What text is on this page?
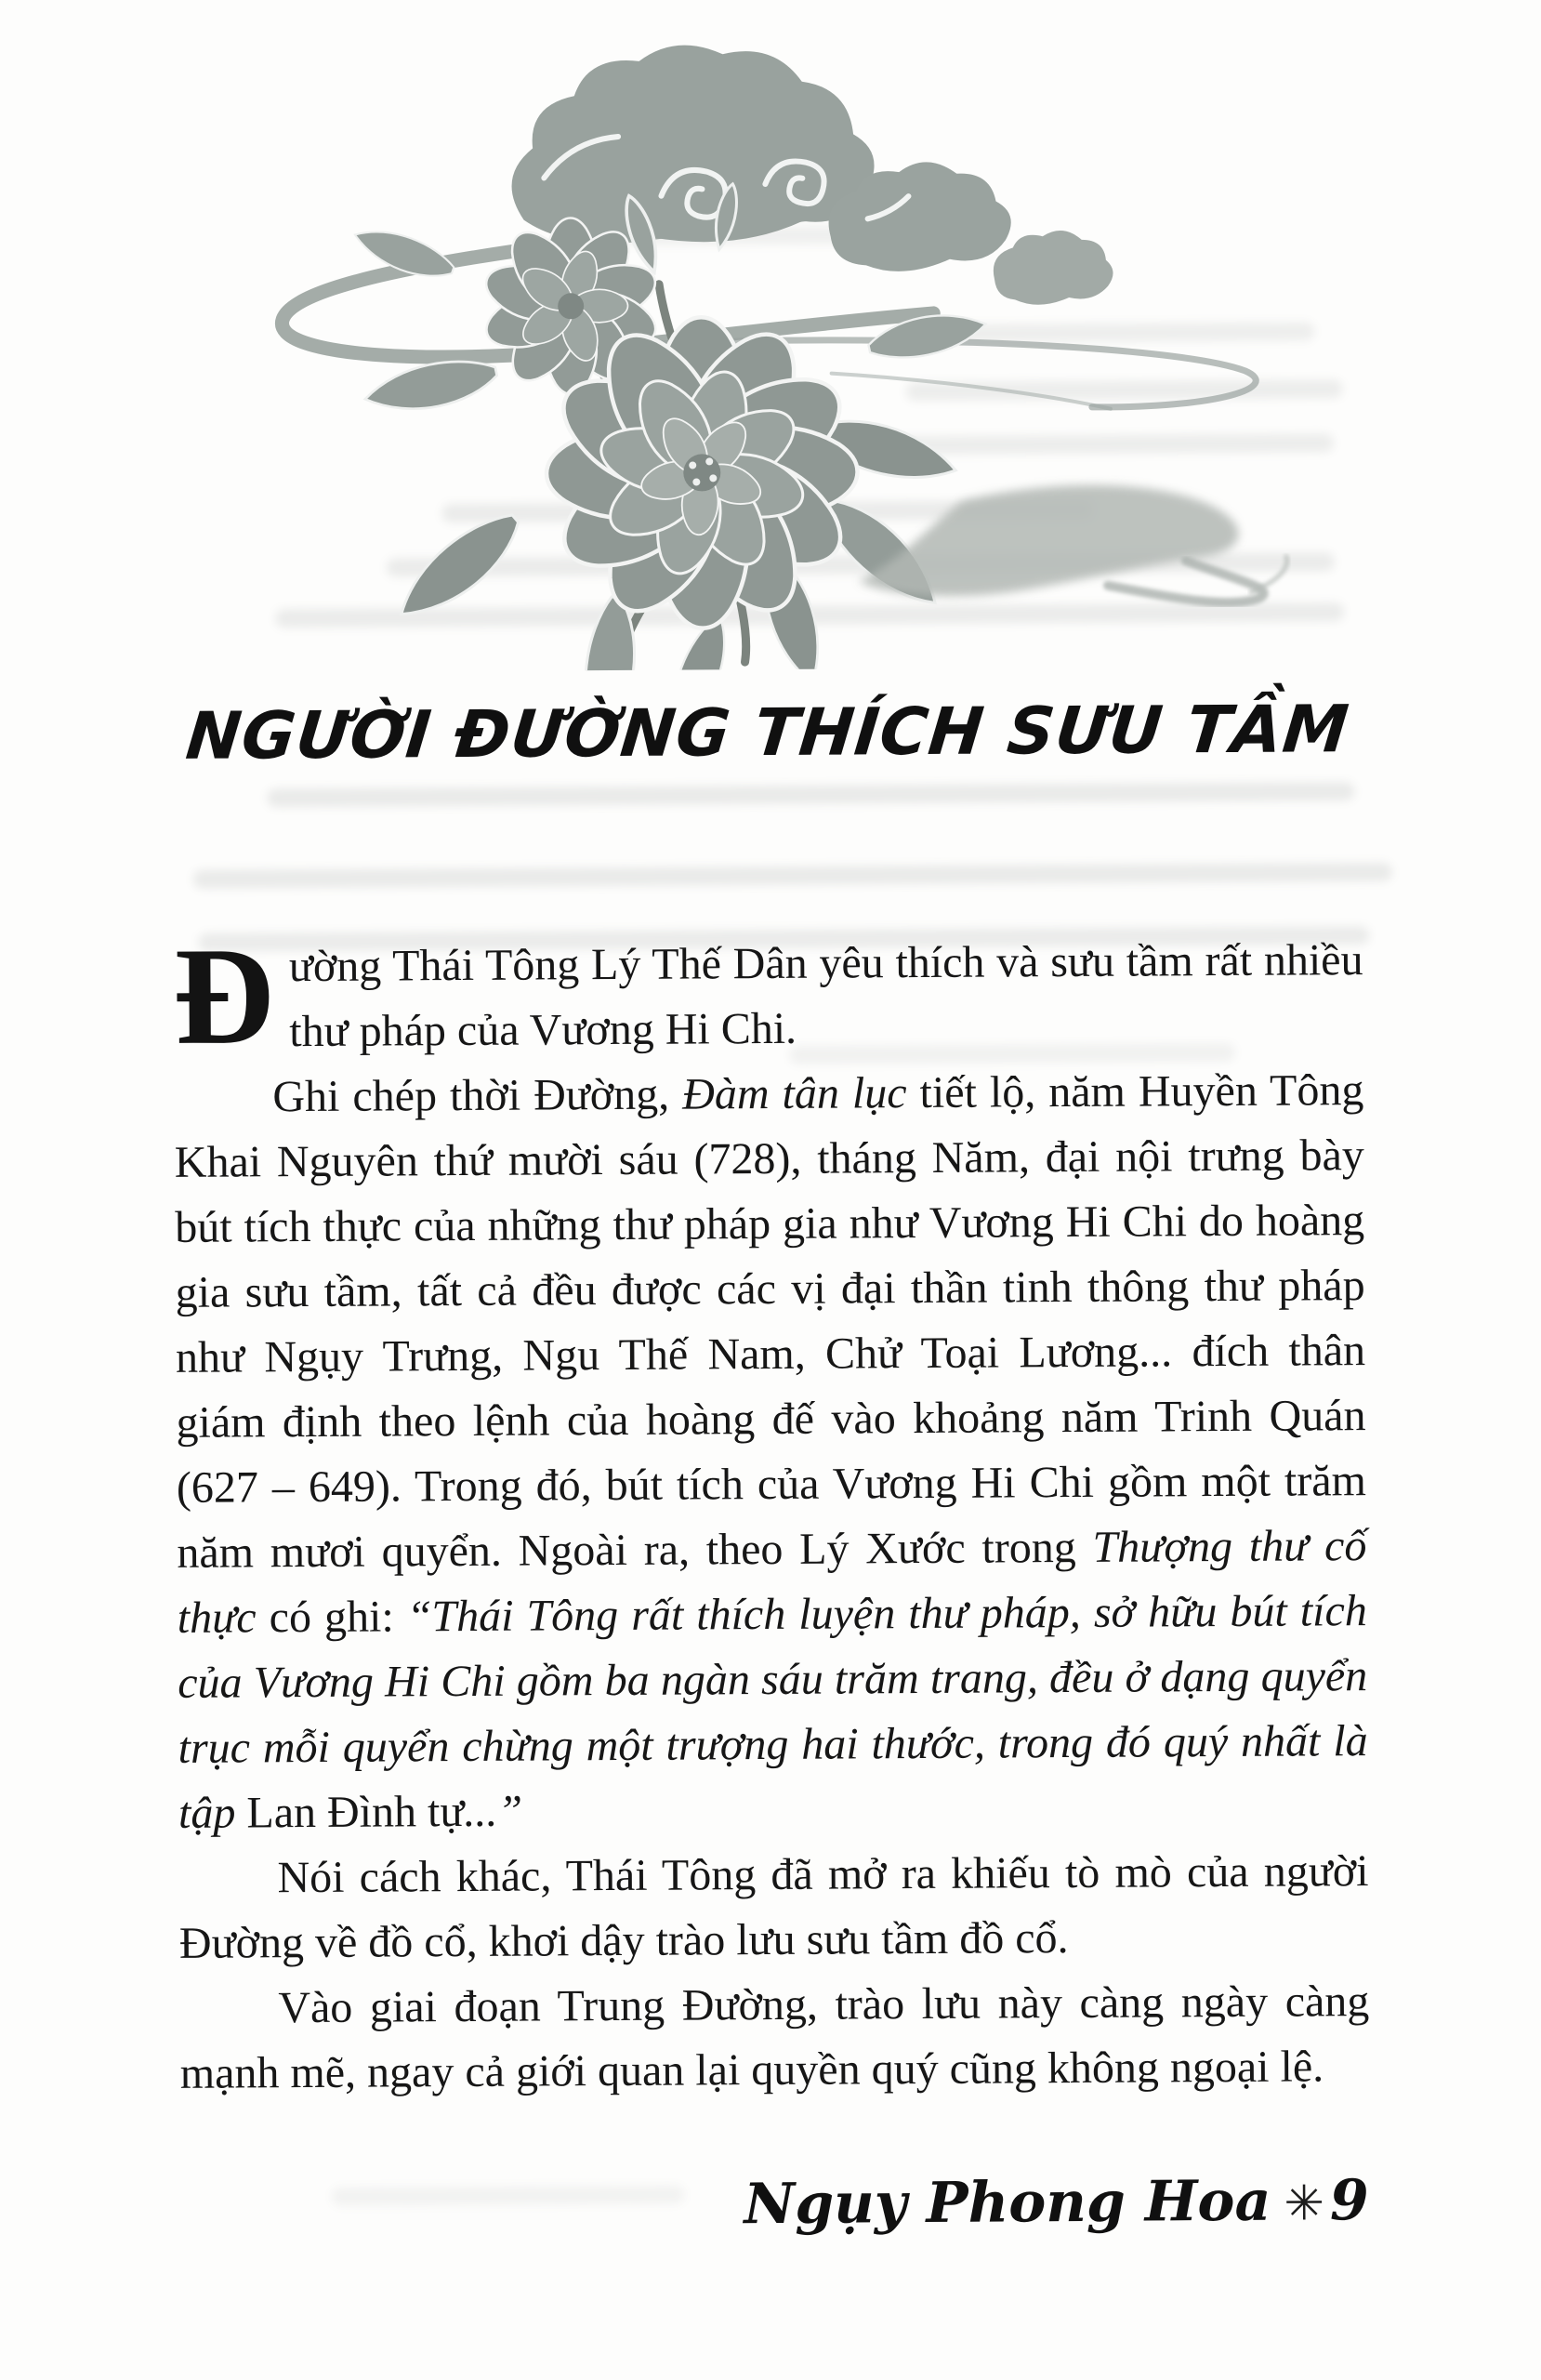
NGƯỜI ĐƯỜNG THÍCH SƯU TẦM

Đường Thái Tông Lý Thế Dân yêu thích và sưu tầm rất nhiều thư pháp của Vương Hi Chi.

Ghi chép thời Đường, Đàm tân lục tiết lộ, năm Huyền Tông Khai Nguyên thứ mười sáu (728), tháng Năm, đại nội trưng bày bút tích thực của những thư pháp gia như Vương Hi Chi do hoàng gia sưu tầm, tất cả đều được các vị đại thần tinh thông thư pháp như Ngụy Trưng, Ngu Thế Nam, Chử Toại Lương... đích thân giám định theo lệnh của hoàng đế vào khoảng năm Trinh Quán (627 – 649). Trong đó, bút tích của Vương Hi Chi gồm một trăm năm mươi quyển. Ngoài ra, theo Lý Xước trong Thượng thư cố thực có ghi: “Thái Tông rất thích luyện thư pháp, sở hữu bút tích của Vương Hi Chi gồm ba ngàn sáu trăm trang, đều ở dạng quyển trục mỗi quyển chừng một trượng hai thước, trong đó quý nhất là tập Lan Đình tự...”

Nói cách khác, Thái Tông đã mở ra khiếu tò mò của người Đường về đồ cổ, khơi dậy trào lưu sưu tầm đồ cổ.

Vào giai đoạn Trung Đường, trào lưu này càng ngày càng mạnh mẽ, ngay cả giới quan lại quyền quý cũng không ngoại lệ.

Ngụy Phong Hoa ✳9
